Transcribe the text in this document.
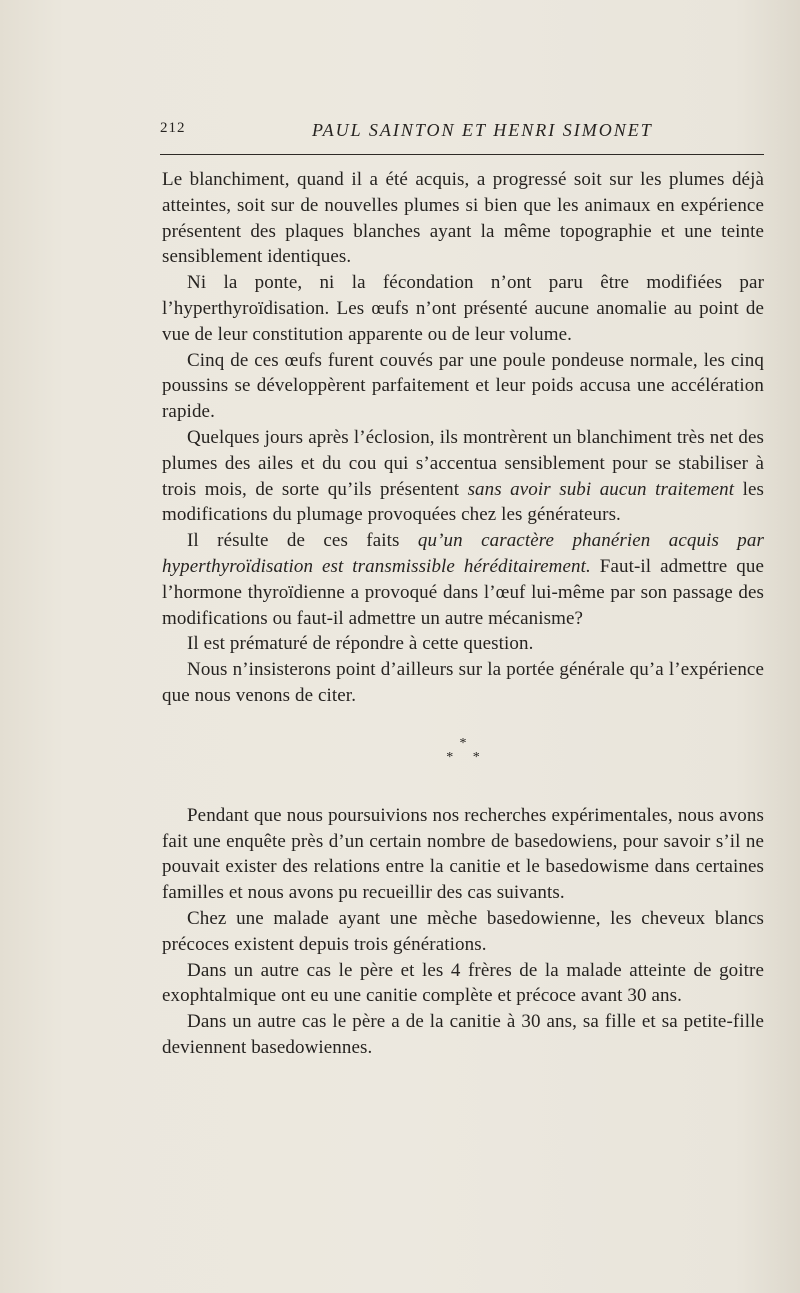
212	PAUL SAINTON ET HENRI SIMONET

Le blanchiment, quand il a été acquis, a progressé soit sur les plumes déjà atteintes, soit sur de nouvelles plumes si bien que les animaux en expérience présentent des plaques blanches ayant la même topographie et une teinte sensiblement identiques.

Ni la ponte, ni la fécondation n’ont paru être modifiées par l’hyperthyroïdisation. Les œufs n’ont présenté aucune anomalie au point de vue de leur constitution apparente ou de leur volume.

Cinq de ces œufs furent couvés par une poule pondeuse normale, les cinq poussins se développèrent parfaitement et leur poids accusa une accélération rapide.

Quelques jours après l’éclosion, ils montrèrent un blanchiment très net des plumes des ailes et du cou qui s’accentua sensiblement pour se stabiliser à trois mois, de sorte qu’ils présentent sans avoir subi aucun traitement les modifications du plumage provoquées chez les générateurs.

Il résulte de ces faits qu’un caractère phanérien acquis par hyperthyroïdisation est transmissible héréditairement. Faut-il admettre que l’hormone thyroïdienne a provoqué dans l’œuf lui-même par son passage des modifications ou faut-il admettre un autre mécanisme?

Il est prématuré de répondre à cette question.

Nous n’insisterons point d’ailleurs sur la portée générale qu’a l’expérience que nous venons de citer.

*
* *

Pendant que nous poursuivions nos recherches expérimentales, nous avons fait une enquête près d’un certain nombre de basedowiens, pour savoir s’il ne pouvait exister des relations entre la canitie et le basedowisme dans certaines familles et nous avons pu recueillir des cas suivants.

Chez une malade ayant une mèche basedowienne, les cheveux blancs précoces existent depuis trois générations.

Dans un autre cas le père et les 4 frères de la malade atteinte de goitre exophtalmique ont eu une canitie complète et précoce avant 30 ans.

Dans un autre cas le père a de la canitie à 30 ans, sa fille et sa petite-fille deviennent basedowiennes.
